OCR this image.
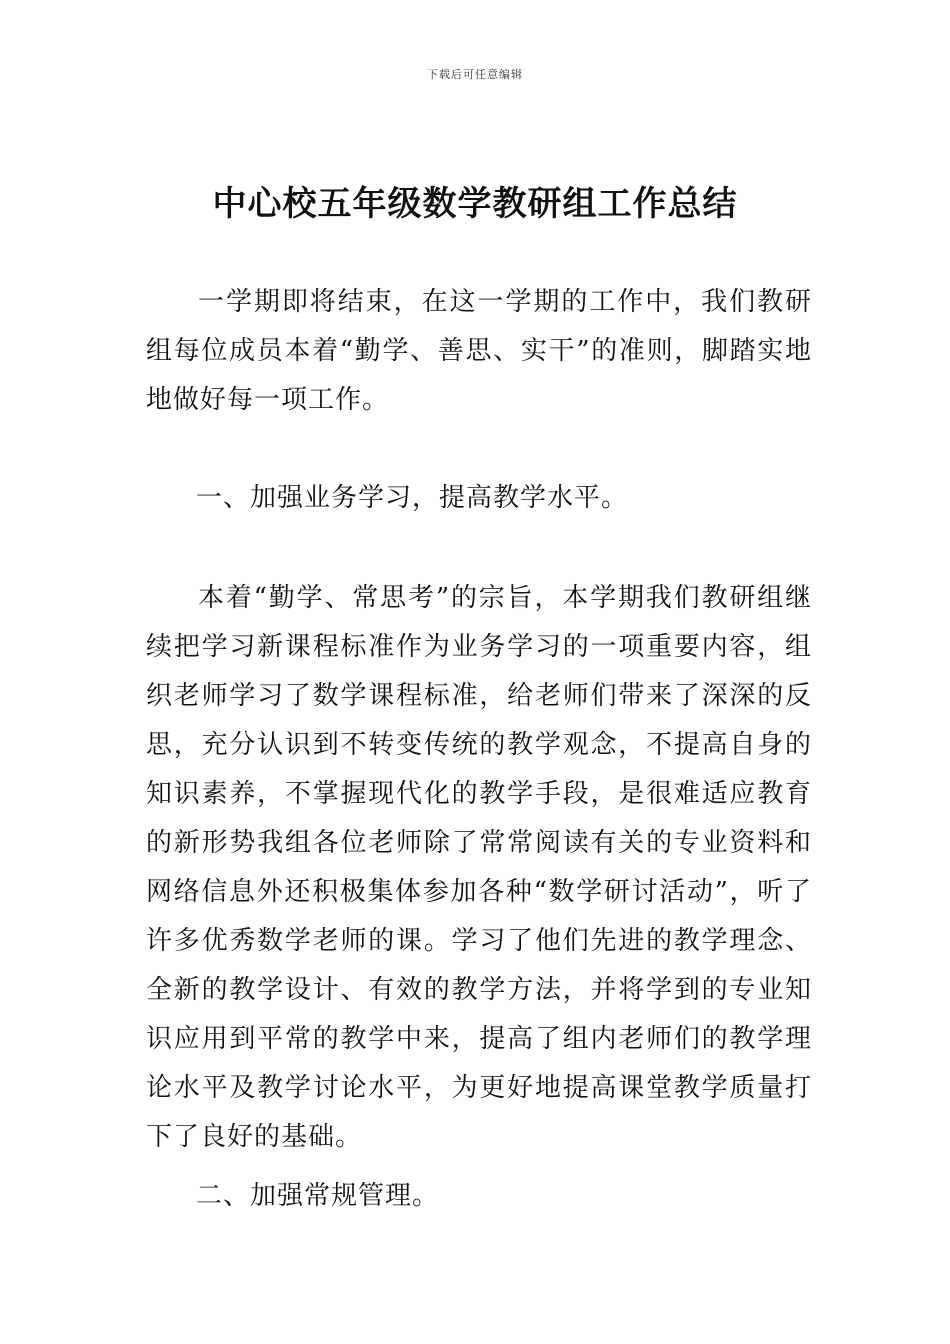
下载后可任意编辑
中心校五年级数学教研组工作总结

一学期即将结束，在这一学期的工作中，我们教研组每位成员本着“勤学、善思、实干”的准则，脚踏实地地做好每一项工作。

一、加强业务学习，提高教学水平。

本着“勤学、常思考”的宗旨，本学期我们教研组继续把学习新课程标准作为业务学习的一项重要内容，组织老师学习了数学课程标准，给老师们带来了深深的反思，充分认识到不转变传统的教学观念，不提高自身的知识素养，不掌握现代化的教学手段，是很难适应教育的新形势我组各位老师除了常常阅读有关的专业资料和网络信息外还积极集体参加各种“数学研讨活动”，听了许多优秀数学老师的课。学习了他们先进的教学理念、全新的教学设计、有效的教学方法，并将学到的专业知识应用到平常的教学中来，提高了组内老师们的教学理论水平及教学讨论水平，为更好地提高课堂教学质量打下了良好的基础。

二、加强常规管理。
